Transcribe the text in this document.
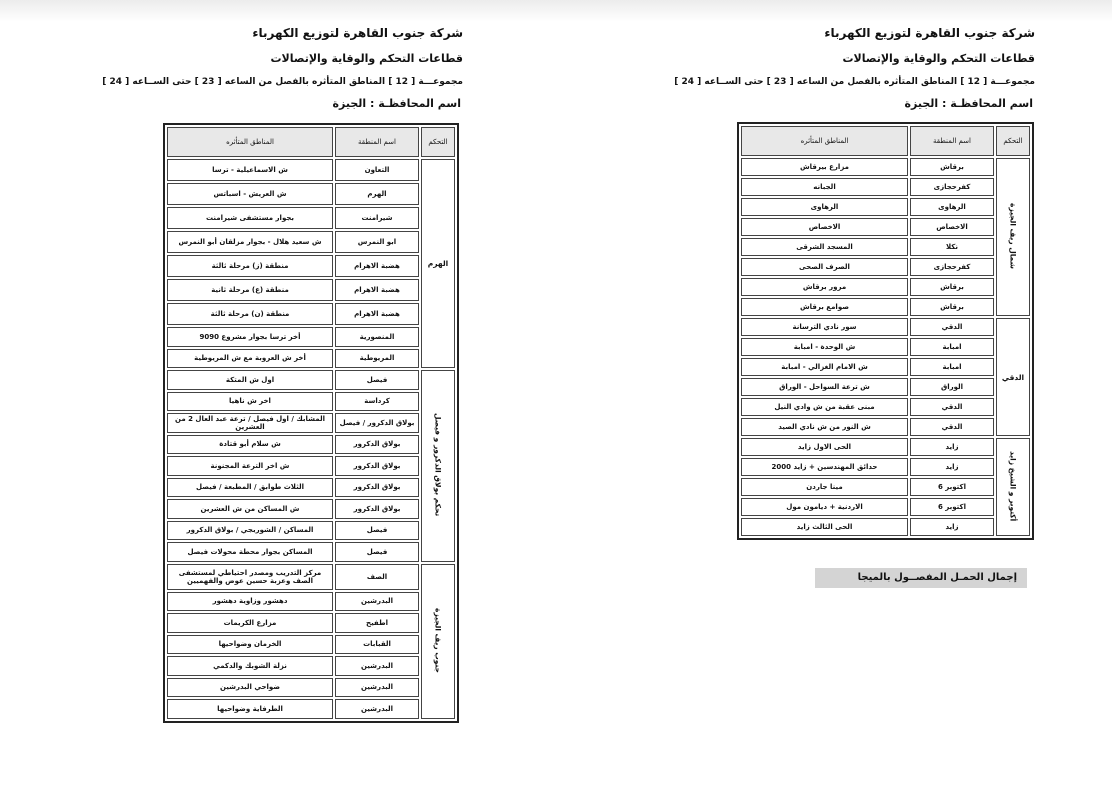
شركة جنوب القاهرة لتوزيع الكهرباء
قطاعات التحكم والوقاية والإتصالات
مجموعـــة [ 12 ] المناطق المتأثره بالفصل من الساعه [ 23 ] حتى الســاعه [ 24 ]
اسم المحافظـة : الجيزة
التحكم	اسم المنطقة	المناطق المتأثره
الهرم	التعاون	ش الاسماعيلية - ترسا
	الهرم	ش العريش - اسباتس
	شيرامنت	بجوار مستشفى شيرامنت
	ابو النمرس	ش سعيد هلال - بجوار مزلقان أبو النمرس
	هضبة الاهرام	منطقة (ز) مرحلة ثالثة
	هضبة الاهرام	منطقة (ع) مرحلة ثانية
	هضبة الاهرام	منطقة (ن) مرحلة ثالثة
	المنصورية	أخر ترسا بجوار مشروع 9090
	المريوطية	أخر ش العروبة مع ش المريوطية
تحكم بولاق الدكرور و فيصل	فيصل	اول ش المتكة
	كرداسة	اخر ش ناهيا
	بولاق الدكرور / فيصل	المشابك / اول فيصل / ترعة عبد العال 2 من العشرين
	بولاق الدكرور	ش سلام أبو قتادة
	بولاق الدكرور	ش اخر الترعة المجنونة
	بولاق الدكرور	الثلاث طوابق / المطبعة / فيصل
	بولاق الدكرور	ش المساكن من ش العشرين
	فيصل	المساكن / الشوربجي / بولاق الدكرور
	فيصل	المساكن بجوار محطة محولات فيصل
جنوب ريف الجيزة	الصف	مركز التدريب ومصدر احتياطي لمستشفى الصف وعزبة حسين عوض والفهميين
	البدرشين	دهشور وزاوية دهشور
	اطفيح	مزارع الكريمات
	القبابات	الخرمان وضواحيها
	البدرشين	نزلة الشوبك والدكمي
	البدرشين	ضواحي البدرشين
	البدرشين	الطرفاية وضواحيها
شركة جنوب القاهرة لتوزيع الكهرباء
قطاعات التحكم والوقاية والإتصالات
مجموعـــة [ 12 ] المناطق المتأثره بالفصل من الساعه [ 23 ] حتى الســاعه [ 24 ]
اسم المحافظـة : الجيزة
التحكم	اسم المنطقة	المناطق المتأثره
شمال ريف الجيزة	برقاش	مزارع بيرقاش
	كفرحجازى	الجبانه
	الرهاوى	الرهاوى
	الاخصاص	الاخصاص
	نكلا	المسجد الشرقى
	كفرحجازى	الصرف الصحى
	برقاش	مرور برقاش
	برقاش	صوامع برقاش
الدقي	الدقي	سور نادي الترسانة
	امبابة	ش الوحدة - امبابة
	امبابة	ش الامام الغزالي - امبابة
	الوراق	ش ترعة السواحل - الوراق
	الدقي	مبنى عقبة من ش وادي النيل
	الدقي	ش النور من ش نادي الصيد
أكتوبر و الشيخ زايد	زايد	الحى الاول زايد
	زايد	حدائق المهندسين + زايد 2000
	اكتوبر 6	مينا جاردن
	اكتوبر 6	الاردنية + ديامون مول
	زايد	الحى الثالث زايد
إجمال الحمـل المفصــول بالميجا
